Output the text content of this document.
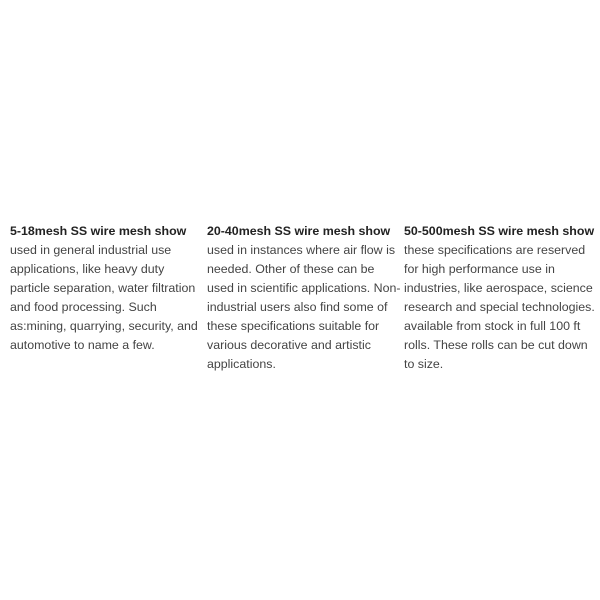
5-18mesh SS wire mesh show

used in general industrial use applications, like heavy duty particle separation, water filtration and food processing. Such as:mining, quarrying, security, and automotive to name a few.

20-40mesh SS wire mesh show

used in instances where air flow is needed. Other of these can be used in scientific applications. Non-industrial users also find some of these specifications suitable for various decorative and artistic applications.

50-500mesh SS wire mesh show

these specifications are reserved for high performance use in industries, like aerospace, science research and special technologies. available from stock in full 100 ft rolls. These rolls can be cut down to size.
